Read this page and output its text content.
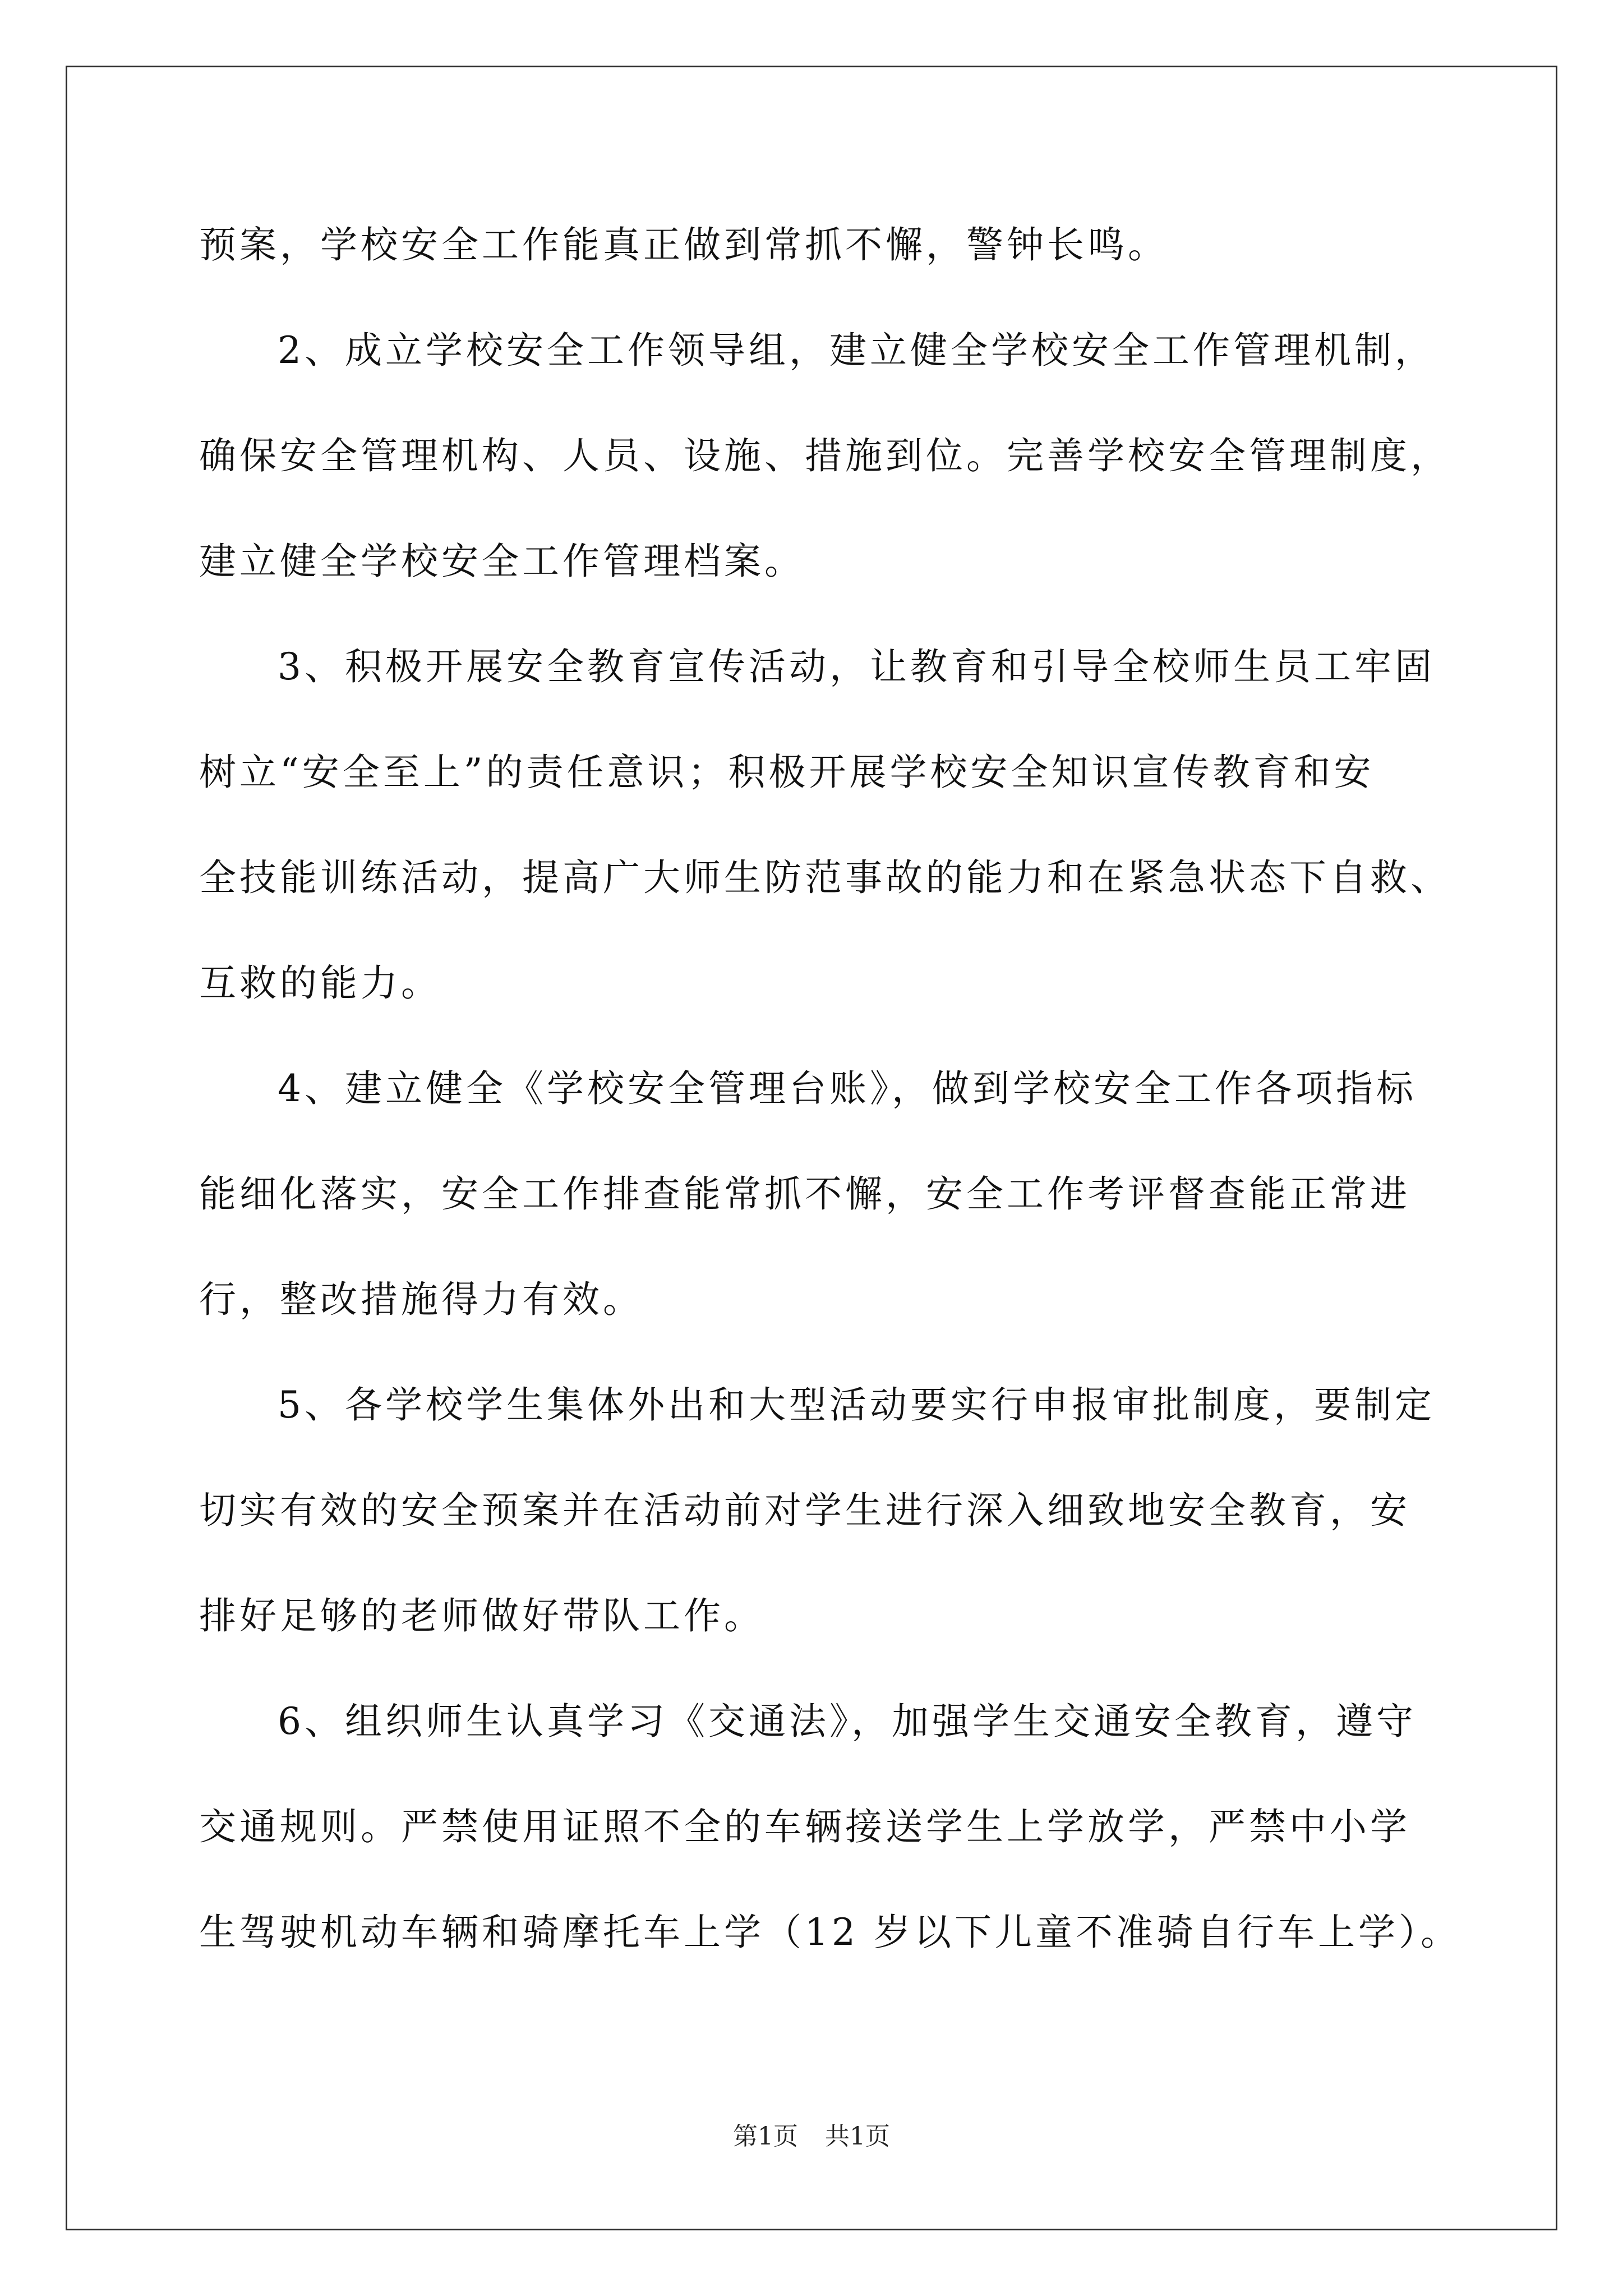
预案，学校安全工作能真正做到常抓不懈，警钟长鸣。
2、成立学校安全工作领导组，建立健全学校安全工作管理机制，
确保安全管理机构、人员、设施、措施到位。完善学校安全管理制度，
建立健全学校安全工作管理档案。
3、积极开展安全教育宣传活动，让教育和引导全校师生员工牢固
树立“安全至上”的责任意识；积极开展学校安全知识宣传教育和安
全技能训练活动，提高广大师生防范事故的能力和在紧急状态下自救、
互救的能力。
4、建立健全《学校安全管理台账》，做到学校安全工作各项指标
能细化落实，安全工作排查能常抓不懈，安全工作考评督查能正常进
行，整改措施得力有效。
5、各学校学生集体外出和大型活动要实行申报审批制度，要制定
切实有效的安全预案并在活动前对学生进行深入细致地安全教育，安
排好足够的老师做好带队工作。
6、组织师生认真学习《交通法》，加强学生交通安全教育，遵守
交通规则。严禁使用证照不全的车辆接送学生上学放学，严禁中小学
生驾驶机动车辆和骑摩托车上学（12 岁以下儿童不准骑自行车上学）。
第1页 共1页
